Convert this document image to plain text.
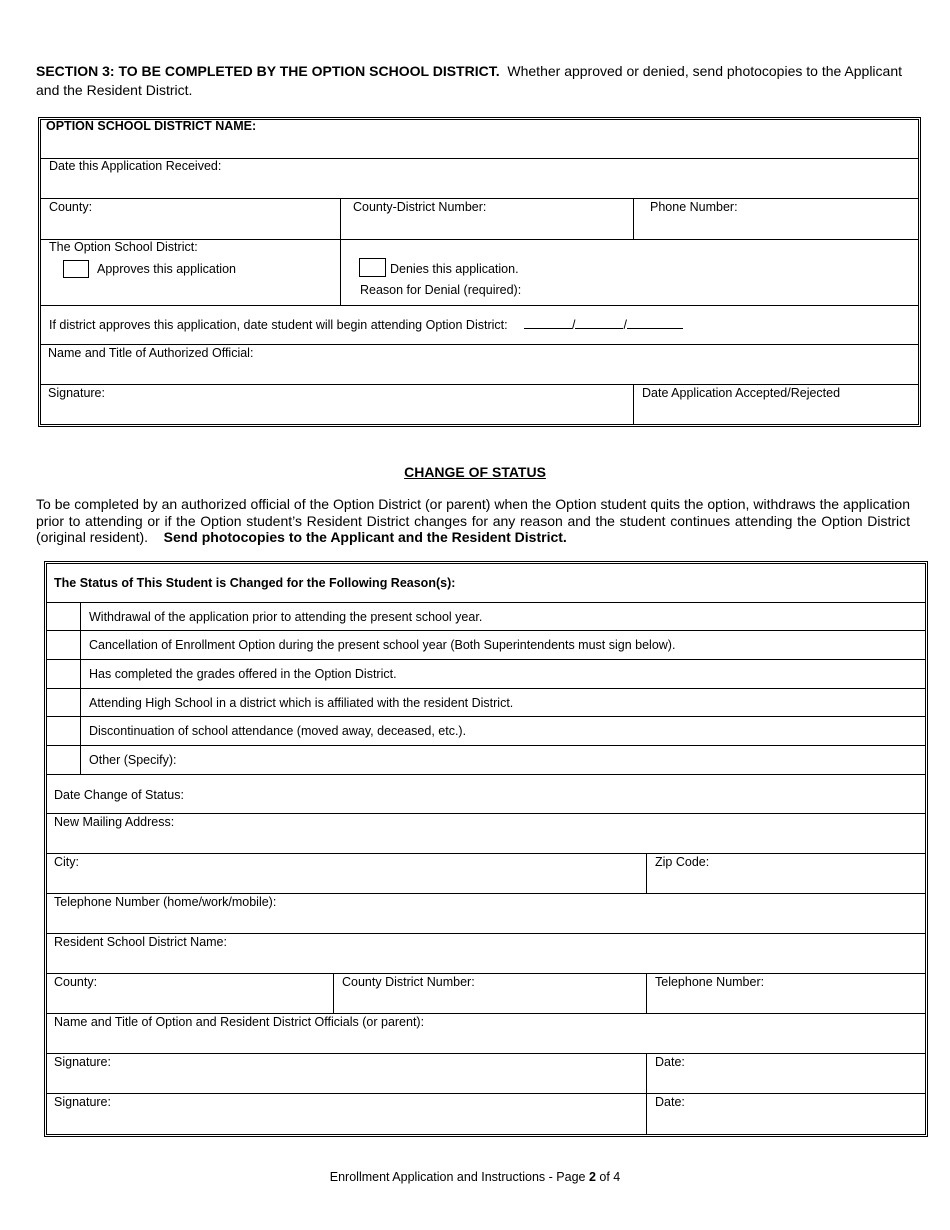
SECTION 3: TO BE COMPLETED BY THE OPTION SCHOOL DISTRICT. Whether approved or denied, send photocopies to the Applicant and the Resident District.
OPTION SCHOOL DISTRICT NAME:
Date this Application Received:
County:	County-District Number:	Phone Number:
The Option School District:
Approves this application	Denies this application.
Reason for Denial (required):
If district approves this application, date student will begin attending Option District:	/	/
Name and Title of Authorized Official:
Signature:	Date Application Accepted/Rejected
CHANGE OF STATUS
To be completed by an authorized official of the Option District (or parent) when the Option student quits the option, withdraws the application prior to attending or if the Option student’s Resident District changes for any reason and the student continues attending the Option District (original resident). Send photocopies to the Applicant and the Resident District.
The Status of This Student is Changed for the Following Reason(s):
Withdrawal of the application prior to attending the present school year.
Cancellation of Enrollment Option during the present school year (Both Superintendents must sign below).
Has completed the grades offered in the Option District.
Attending High School in a district which is affiliated with the resident District.
Discontinuation of school attendance (moved away, deceased, etc.).
Other (Specify):
Date Change of Status:
New Mailing Address:
City:	Zip Code:
Telephone Number (home/work/mobile):
Resident School District Name:
County:	County District Number:	Telephone Number:
Name and Title of Option and Resident District Officials (or parent):
Signature:	Date:
Signature:	Date:
Enrollment Application and Instructions - Page 2 of 4
